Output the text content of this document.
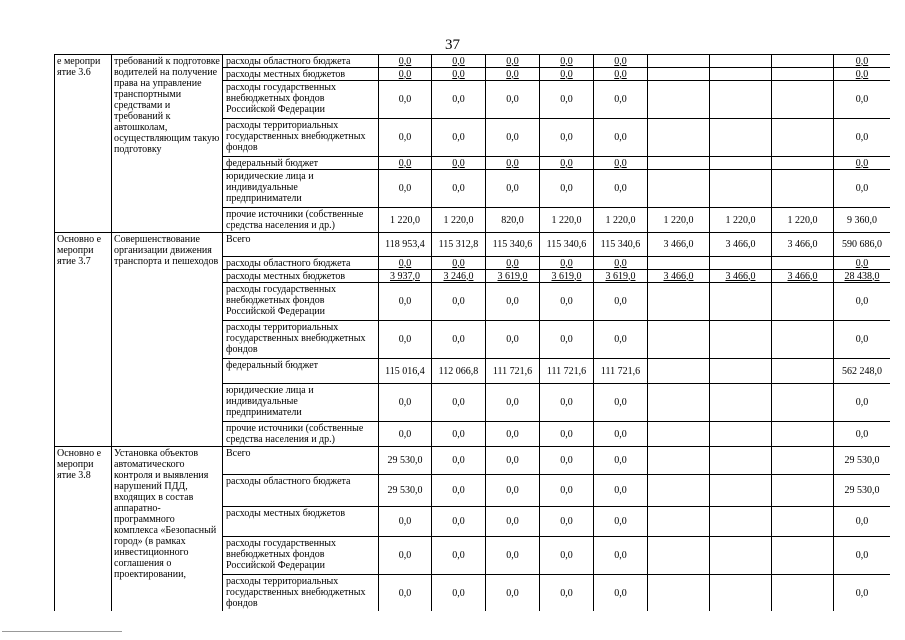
37
е меропри ятие 3.6	требований к подготовке водителей на получение права на управление транспортными средствами и требований к автошколам, осуществляющим такую подготовку	расходы областного бюджета	0,0	0,0	0,0	0,0	0,0				0,0
		расходы местных бюджетов	0,0	0,0	0,0	0,0	0,0				0,0
		расходы государственных внебюджетных фондов Российской Федерации	0,0	0,0	0,0	0,0	0,0				0,0
		расходы территориальных государственных внебюджетных фондов	0,0	0,0	0,0	0,0	0,0				0,0
		федеральный бюджет	0,0	0,0	0,0	0,0	0,0				0,0
		юридические лица и индивидуальные предприниматели	0,0	0,0	0,0	0,0	0,0				0,0
		прочие источники (собственные средства населения и др.)	1 220,0	1 220,0	820,0	1 220,0	1 220,0	1 220,0	1 220,0	1 220,0	9 360,0
Основно е меропри ятие 3.7	Совершенствование организации движения транспорта и пешеходов	Всего	118 953,4	115 312,8	115 340,6	115 340,6	115 340,6	3 466,0	3 466,0	3 466,0	590 686,0
		расходы областного бюджета	0,0	0,0	0,0	0,0	0,0				0,0
		расходы местных бюджетов	3 937,0	3 246,0	3 619,0	3 619,0	3 619,0	3 466,0	3 466,0	3 466,0	28 438,0
		расходы государственных внебюджетных фондов Российской Федерации	0,0	0,0	0,0	0,0	0,0				0,0
		расходы территориальных государственных внебюджетных фондов	0,0	0,0	0,0	0,0	0,0				0,0
		федеральный бюджет	115 016,4	112 066,8	111 721,6	111 721,6	111 721,6				562 248,0
		юридические лица и индивидуальные предприниматели	0,0	0,0	0,0	0,0	0,0				0,0
		прочие источники (собственные средства населения и др.)	0,0	0,0	0,0	0,0	0,0				0,0
Основно е меропри ятие 3.8	Установка объектов автоматического контроля и выявления нарушений ПДД, входящих в состав аппаратно-программного комплекса «Безопасный город» (в рамках инвестиционного соглашения о проектировании,	Всего	29 530,0	0,0	0,0	0,0	0,0				29 530,0
		расходы областного бюджета	29 530,0	0,0	0,0	0,0	0,0				29 530,0
		расходы местных бюджетов	0,0	0,0	0,0	0,0	0,0				0,0
		расходы государственных внебюджетных фондов Российской Федерации	0,0	0,0	0,0	0,0	0,0				0,0
		расходы территориальных государственных внебюджетных фондов	0,0	0,0	0,0	0,0	0,0				0,0
